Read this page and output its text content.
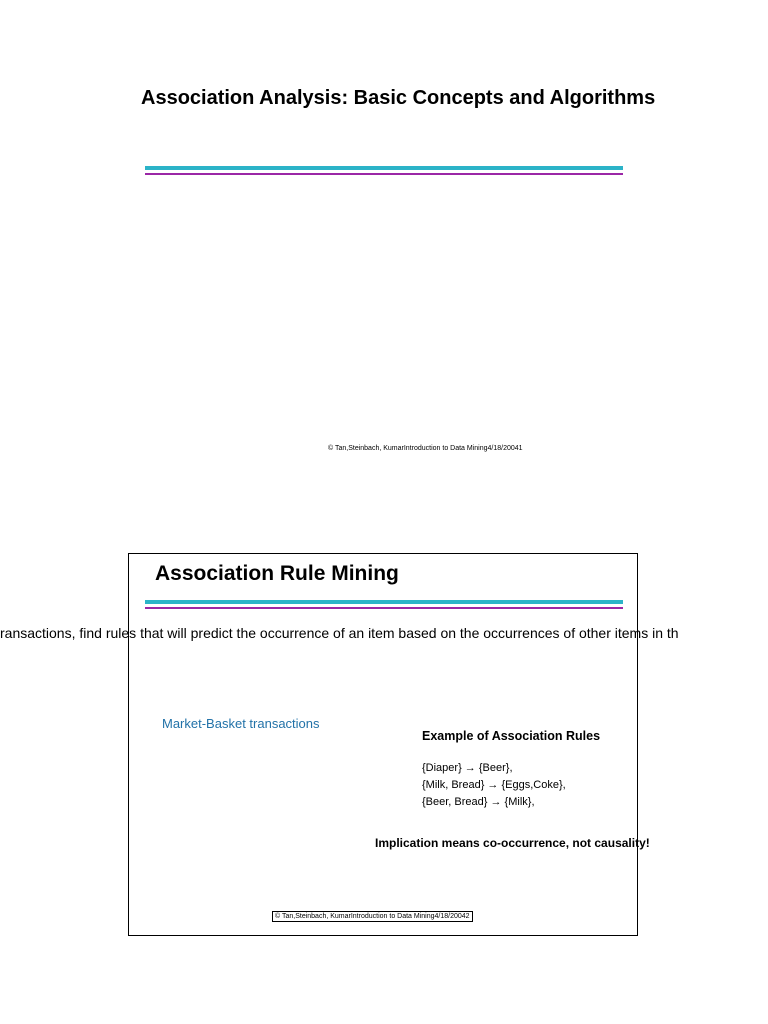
Association Analysis: Basic Concepts and Algorithms
© Tan,Steinbach, KumarIntroduction to Data Mining4/18/20041
Association Rule Mining
ransactions, find rules that will predict the occurrence of an item based on the occurrences of other items in th
Market-Basket transactions
Example of Association Rules
{Diaper} → {Beer},
{Milk, Bread} → {Eggs,Coke},
{Beer, Bread} → {Milk},
Implication means co-occurrence, not causality!
© Tan,Steinbach, KumarIntroduction to Data Mining4/18/20042
